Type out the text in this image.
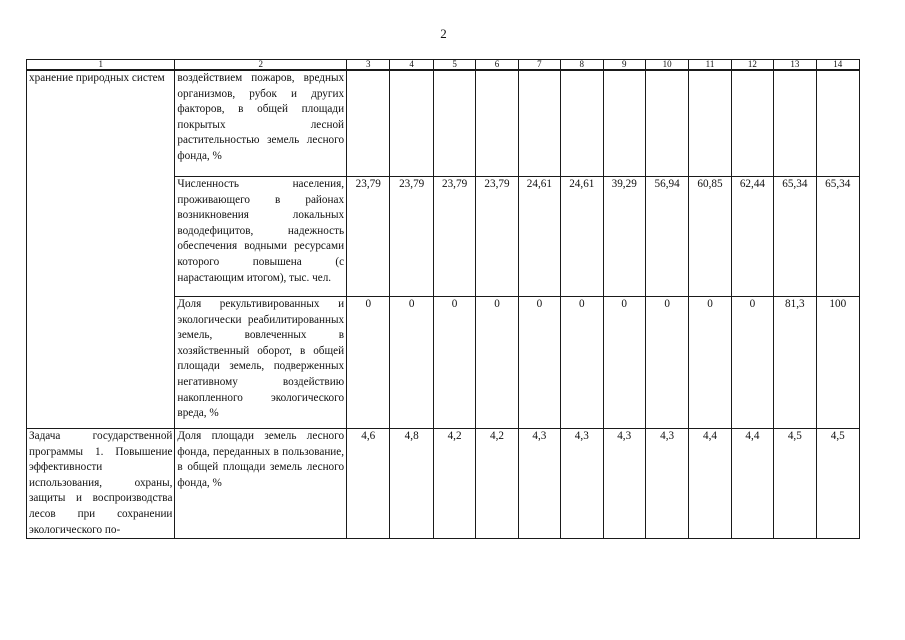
2
1	2	3	4	5	6	7	8	9	10	11	12	13	14
хранение природных систем	воздействием пожаров, вредных организмов, рубок и других факторов, в общей площади покрытых лесной растительностью земель лесного фонда, %												
	Численность населения, проживающего в районах возникновения локальных вододефицитов, надежность обеспечения водными ресурсами которого повышена (с нарастающим итогом), тыс. чел.	23,79	23,79	23,79	23,79	24,61	24,61	39,29	56,94	60,85	62,44	65,34	65,34
	Доля рекультивированных и экологически реабилитированных земель, вовлеченных в хозяйственный оборот, в общей площади земель, подверженных негативному воздействию накопленного экологического вреда, %	0	0	0	0	0	0	0	0	0	0	81,3	100
Задача государственной программы 1. Повышение эффективности использования, охраны, защиты и воспроизводства лесов при сохранении экологического по-	Доля площади земель лесного фонда, переданных в пользование, в общей площади земель лесного фонда, %	4,6	4,8	4,2	4,2	4,3	4,3	4,3	4,3	4,4	4,4	4,5	4,5
